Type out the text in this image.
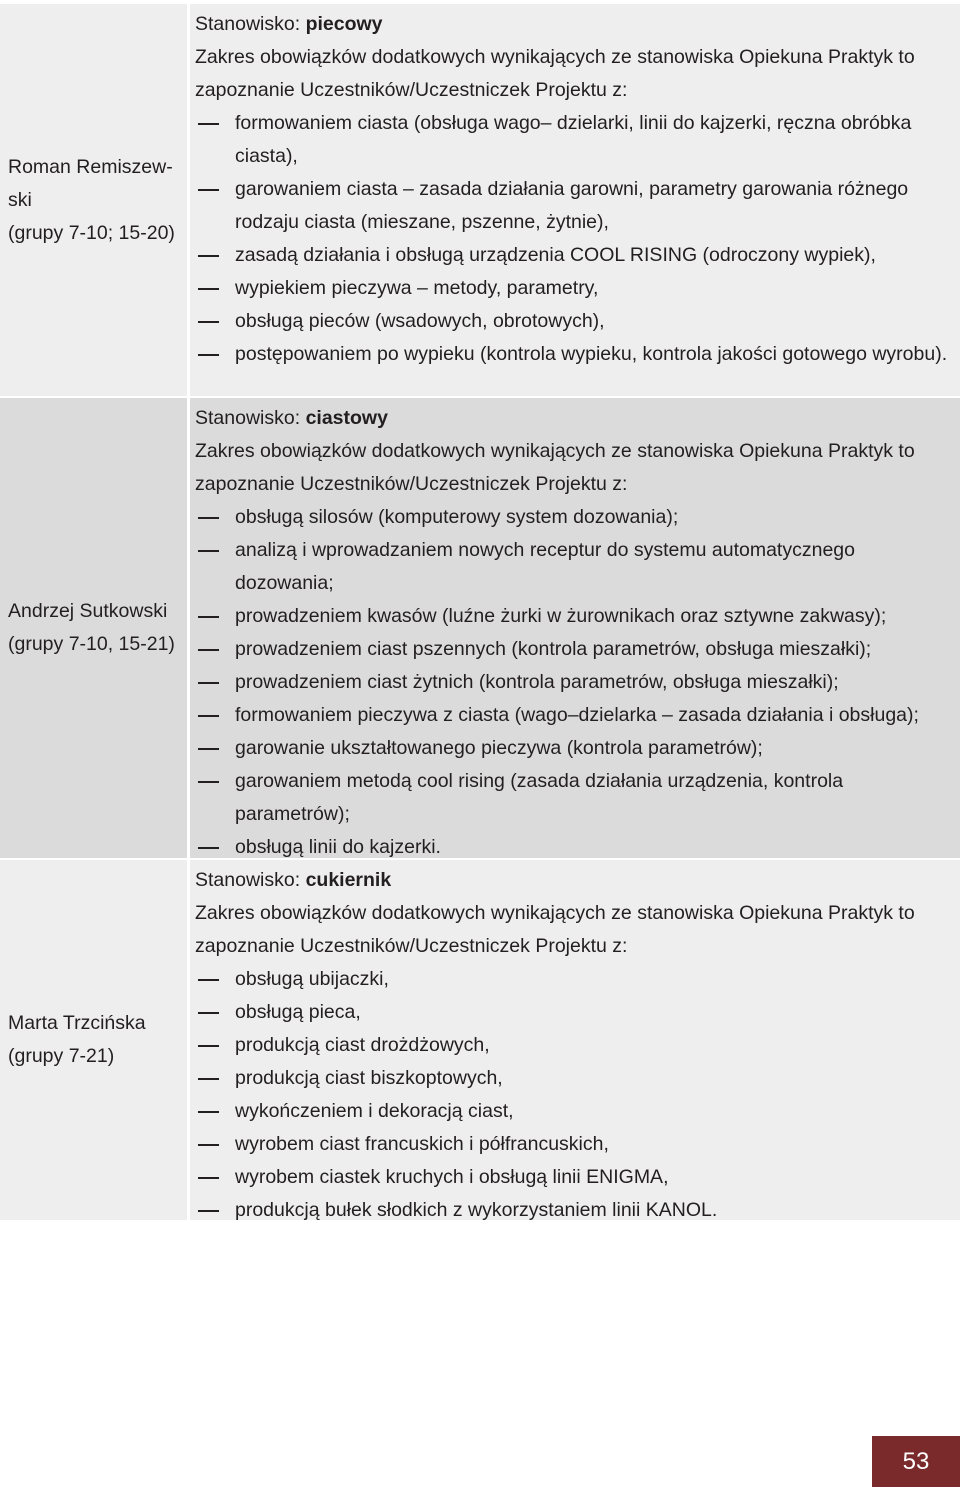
Roman Remiszew-
ski
(grupy 7-10; 15-20)

Stanowisko: piecowy

Zakres obowiązków dodatkowych wynikających ze stanowiska Opiekuna Praktyk to

zapoznanie Uczestników/Uczestniczek Projektu z:

formowaniem ciasta (obsługa wago– dzielarki, linii do kajzerki, ręczna obróbka ciasta),
garowaniem ciasta – zasada działania garowni, parametry garowania różnego rodzaju ciasta (mieszane, pszenne, żytnie),
zasadą działania i obsługą urządzenia COOL RISING (odroczony wypiek),
wypiekiem pieczywa – metody, parametry,
obsługą pieców (wsadowych, obrotowych),
postępowaniem po wypieku (kontrola wypieku, kontrola jakości gotowego wyrobu).
Andrzej Sutkowski
(grupy 7-10, 15-21)

Stanowisko: ciastowy

Zakres obowiązków dodatkowych wynikających ze stanowiska Opiekuna Praktyk to

zapoznanie Uczestników/Uczestniczek Projektu z:

obsługą silosów (komputerowy system dozowania);
analizą i wprowadzaniem nowych receptur do systemu automatycznego dozowania;
prowadzeniem kwasów (luźne żurki w żurownikach oraz sztywne zakwasy);
prowadzeniem ciast pszennych (kontrola parametrów, obsługa mieszałki);
prowadzeniem ciast żytnich (kontrola parametrów, obsługa mieszałki);
formowaniem pieczywa z ciasta (wago–dzielarka – zasada działania i obsługa);
garowanie ukształtowanego pieczywa (kontrola parametrów);
garowaniem metodą cool rising (zasada działania urządzenia, kontrola parametrów);
obsługą linii do kajzerki.
Marta Trzcińska
(grupy 7-21)

Stanowisko: cukiernik

Zakres obowiązków dodatkowych wynikających ze stanowiska Opiekuna Praktyk to

zapoznanie Uczestników/Uczestniczek Projektu z:

obsługą ubijaczki,
obsługą pieca,
produkcją ciast drożdżowych,
produkcją ciast biszkoptowych,
wykończeniem i dekoracją ciast,
wyrobem ciast francuskich i półfrancuskich,
wyrobem ciastek kruchych i obsługą linii ENIGMA,
produkcją bułek słodkich z wykorzystaniem linii KANOL.
53
